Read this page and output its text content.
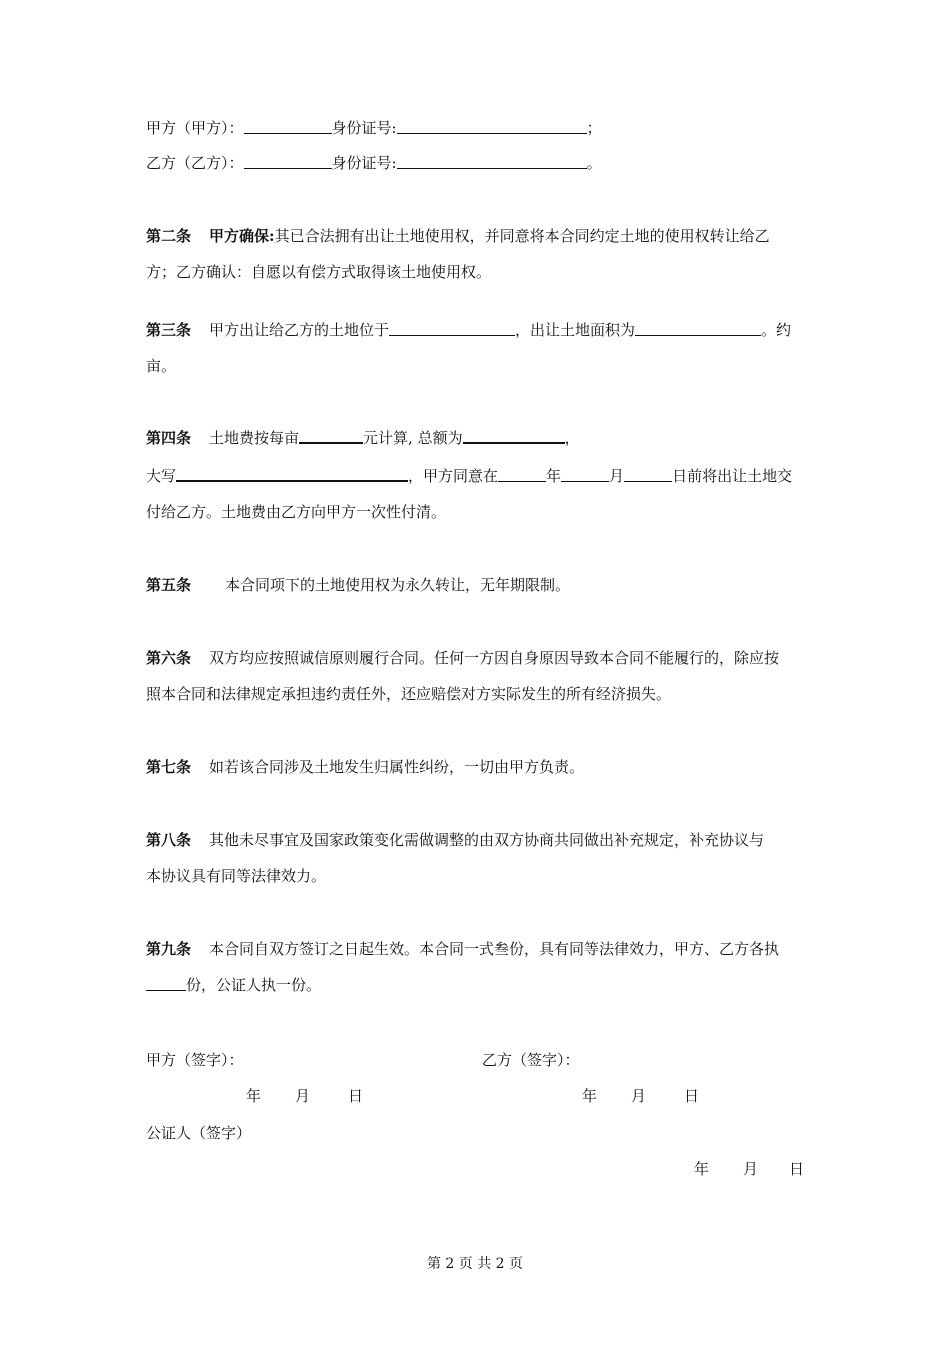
甲方（甲方）：	身份证号:	；
乙方（乙方）：	身份证号:	。
第二条 甲方确保:其已合法拥有出让土地使用权，并同意将本合同约定土地的使用权转让给乙
方；乙方确认：自愿以有偿方式取得该土地使用权。
第三条 甲方出让给乙方的土地位于	，出让土地面积为	。约
亩。
第四条 土地费按每亩	元计算, 总额为	，
大写	，甲方同意在	年	月	日前将出让土地交
付给乙方。土地费由乙方向甲方一次性付清。
第五条 本合同项下的土地使用权为永久转让，无年期限制。
第六条 双方均应按照诚信原则履行合同。任何一方因自身原因导致本合同不能履行的，除应按
照本合同和法律规定承担违约责任外，还应赔偿对方实际发生的所有经济损失。
第七条 如若该合同涉及土地发生归属性纠纷，一切由甲方负责。
第八条 其他未尽事宜及国家政策变化需做调整的由双方协商共同做出补充规定，补充协议与
本协议具有同等法律效力。
第九条 本合同自双方签订之日起生效。本合同一式叁份，具有同等法律效力，甲方、乙方各执
份，公证人执一份。
甲方（签字）：	乙方（签字）：
年 月	日	年 月	日
公证人（签字）
年 月 日
第 2 页 共 2 页
